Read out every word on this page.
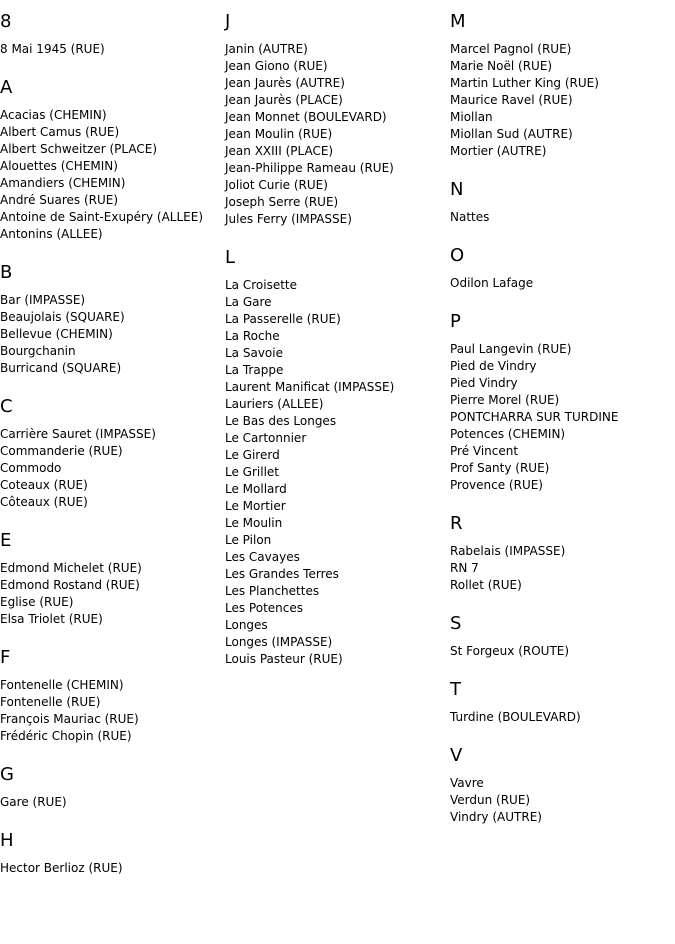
8
8 Mai 1945 (RUE)
A
Acacias (CHEMIN)
Albert Camus (RUE)
Albert Schweitzer (PLACE)
Alouettes (CHEMIN)
Amandiers (CHEMIN)
André Suares (RUE)
Antoine de Saint-Exupéry (ALLEE)
Antonins (ALLEE)
B
Bar (IMPASSE)
Beaujolais (SQUARE)
Bellevue (CHEMIN)
Bourgchanin
Burricand (SQUARE)
C
Carrière Sauret (IMPASSE)
Commanderie (RUE)
Commodo
Coteaux (RUE)
Côteaux (RUE)
E
Edmond Michelet (RUE)
Edmond Rostand (RUE)
Eglise (RUE)
Elsa Triolet (RUE)
F
Fontenelle (CHEMIN)
Fontenelle (RUE)
François Mauriac (RUE)
Frédéric Chopin (RUE)
G
Gare (RUE)
H
Hector Berlioz (RUE)
J
Janin (AUTRE)
Jean Giono (RUE)
Jean Jaurès (AUTRE)
Jean Jaurès (PLACE)
Jean Monnet (BOULEVARD)
Jean Moulin (RUE)
Jean XXIII (PLACE)
Jean-Philippe Rameau (RUE)
Joliot Curie (RUE)
Joseph Serre (RUE)
Jules Ferry (IMPASSE)
L
La Croisette
La Gare
La Passerelle (RUE)
La Roche
La Savoie
La Trappe
Laurent Manificat (IMPASSE)
Lauriers (ALLEE)
Le Bas des Longes
Le Cartonnier
Le Girerd
Le Grillet
Le Mollard
Le Mortier
Le Moulin
Le Pilon
Les Cavayes
Les Grandes Terres
Les Planchettes
Les Potences
Longes
Longes (IMPASSE)
Louis Pasteur (RUE)
M
Marcel Pagnol (RUE)
Marie Noël (RUE)
Martin Luther King (RUE)
Maurice Ravel (RUE)
Miollan
Miollan Sud (AUTRE)
Mortier (AUTRE)
N
Nattes
O
Odilon Lafage
P
Paul Langevin (RUE)
Pied de Vindry
Pied Vindry
Pierre Morel (RUE)
PONTCHARRA SUR TURDINE
Potences (CHEMIN)
Pré Vincent
Prof Santy (RUE)
Provence (RUE)
R
Rabelais (IMPASSE)
RN 7
Rollet (RUE)
S
St Forgeux (ROUTE)
T
Turdine (BOULEVARD)
V
Vavre
Verdun (RUE)
Vindry (AUTRE)
